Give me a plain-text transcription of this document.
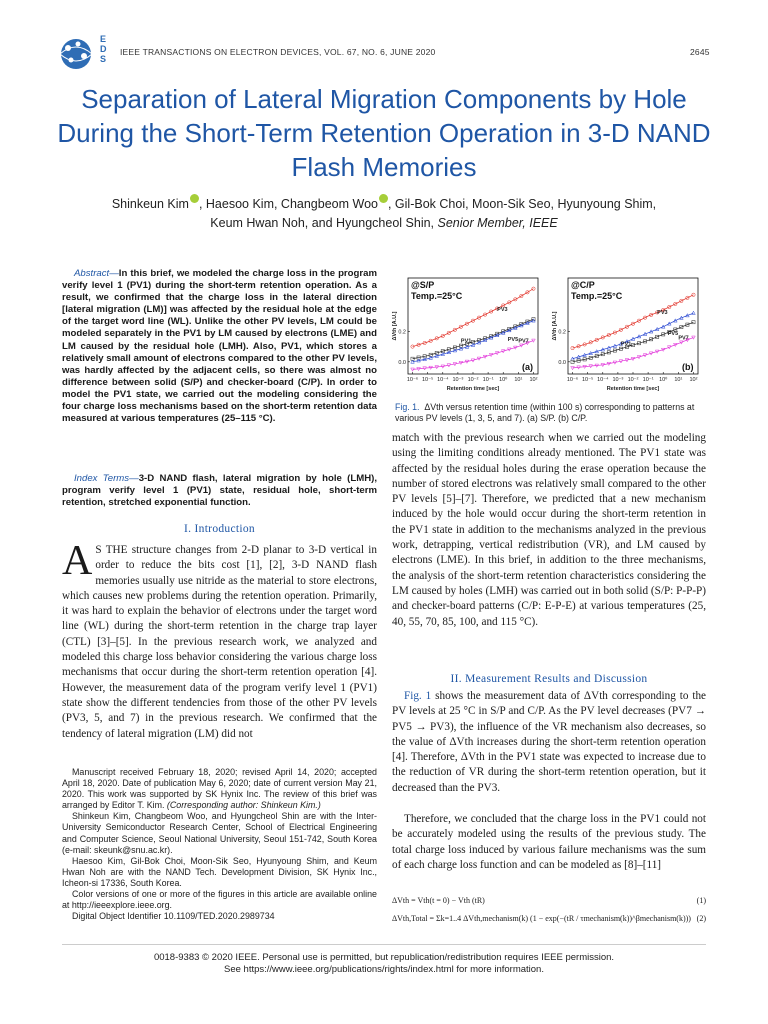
E
D
S
IEEE TRANSACTIONS ON ELECTRON DEVICES, VOL. 67, NO. 6, JUNE 2020	2645
Separation of Lateral Migration Components by Hole During the Short-Term Retention Operation in 3-D NAND Flash Memories
Shinkeun Kim , Haesoo Kim, Changbeom Woo , Gil-Bok Choi, Moon-Sik Seo, Hyunyoung Shim,
Keum Hwan Noh, and Hyungcheol Shin, Senior Member, IEEE
Abstract—In this brief, we modeled the charge loss in the program verify level 1 (PV1) during the short-term retention operation. As a result, we confirmed that the charge loss in the lateral direction [lateral migration (LM)] was affected by the residual hole at the edge of the target word line (WL). Unlike the other PV levels, LM could be modeled separately in the PV1 by LM caused by electrons (LME) and LM caused by the residual hole (LMH). Also, PV1, which stores a relatively small amount of electrons compared to the other PV levels, was hardly affected by the adjacent cells, so there was almost no difference between solid (S/P) and checker-board (C/P). In order to model the PV1 state, we carried out the modeling considering the four charge loss mechanisms based on the short-term retention data measured at various temperatures (25–115 °C).
Index Terms—3-D NAND flash, lateral migration by hole (LMH), program verify level 1 (PV1) state, residual hole, short-term retention, stretched exponential function.
I. Introduction
A S THE structure changes from 2-D planar to 3-D vertical in order to reduce the bits cost [1], [2], 3-D NAND flash memories usually use nitride as the material to store electrons, which causes new problems during the retention operation. Primarily, it was hard to explain the behavior of electrons under the target word line (WL) during the short-term retention in the charge trap layer (CTL) [3]–[5]. In the previous research work, we analyzed and modeled this charge loss behavior considering the various charge loss mechanisms that occur during the short-term retention operation [4]. However, the measurement data of the program verify level 1 (PV1) state show the different tendencies from those of the other PV levels (PV3, 5, and 7) in the previous research. We confirmed that the tendency of lateral migration (LM) did not
Manuscript received February 18, 2020; revised April 14, 2020; accepted April 18, 2020. Date of publication May 6, 2020; date of current version May 21, 2020. This work was supported by SK Hynix Inc. The review of this brief was arranged by Editor T. Kim. (Corresponding author: Shinkeun Kim.)
Shinkeun Kim, Changbeom Woo, and Hyungcheol Shin are with the Inter-University Semiconductor Research Center, School of Electrical Engineering and Computer Science, Seoul National University, Seoul 151-742, South Korea (e-mail: skeunk@snu.ac.kr).
Haesoo Kim, Gil-Bok Choi, Moon-Sik Seo, Hyunyoung Shim, and Keum Hwan Noh are with the NAND Tech. Development Division, SK Hynix Inc., Icheon-si 17336, South Korea.
Color versions of one or more of the figures in this article are available online at http://ieeexplore.ieee.org.
Digital Object Identifier 10.1109/TED.2020.2989734
10⁻⁶ 10⁻⁵ 10⁻⁴ 10⁻³ 10⁻² 10⁻¹ 10⁰ 10¹ 10²
0.0
0.2
Retention time [sec]
ΔVth [A.U.]
PV3
PV1	PV5 PV7
@S/P
Temp.=25°C
(a)
10⁻⁶ 10⁻⁵ 10⁻⁴ 10⁻³ 10⁻² 10⁻¹ 10⁰ 10¹ 10²
0.0
0.2
Retention time [sec]
ΔVth [A.U.]	PV3
PV5
PV1
PV7
@C/P
Temp.=25°C
(b)
Fig. 1. ΔVth versus retention time (within 100 s) corresponding to patterns at various PV levels (1, 3, 5, and 7). (a) S/P. (b) C/P.
match with the previous research when we carried out the modeling using the limiting conditions already mentioned. The PV1 state was affected by the residual holes during the erase operation because the number of stored electrons was relatively small compared to the other PV levels [5]–[7]. Therefore, we predicted that a new mechanism induced by the hole would occur during the short-term retention in the PV1 state in addition to the mechanisms analyzed in the previous work, detrapping, vertical redistribution (VR), and LM caused by electrons (LME). In this brief, in addition to the three mechanisms, the analysis of the short-term retention characteristics considering the LM caused by holes (LMH) was carried out in both solid (S/P: P-P-P) and checker-board patterns (C/P: E-P-E) at various temperatures (25, 40, 55, 70, 85, 100, and 115 °C).
II. Measurement Results and Discussion
Fig. 1 shows the measurement data of ΔVth corresponding to the PV levels at 25 °C in S/P and C/P. As the PV level decreases (PV7 → PV5 → PV3), the influence of the VR mechanism also decreases, so the value of ΔVth increases during the short-term retention operation [4]. Therefore, ΔVth in the PV1 state was expected to increase due to the reduction of VR during the short-term retention operation, but it decreased than the PV3.
Therefore, we concluded that the charge loss in the PV1 could not be accurately modeled using the results of the previous study. The total charge loss induced by various failure mechanisms was the sum of each charge loss function and can be modeled as [8]–[11]
ΔVth = Vth(t = 0) − Vth (tR)	(1)
ΔVth,Total = Σk=1..4 ΔVth,mechanism(k) (1 − exp(−(tR / τmechanism(k))^βmechanism(k))) (2)
0018-9383 © 2020 IEEE. Personal use is permitted, but republication/redistribution requires IEEE permission.
See https://www.ieee.org/publications/rights/index.html for more information.
